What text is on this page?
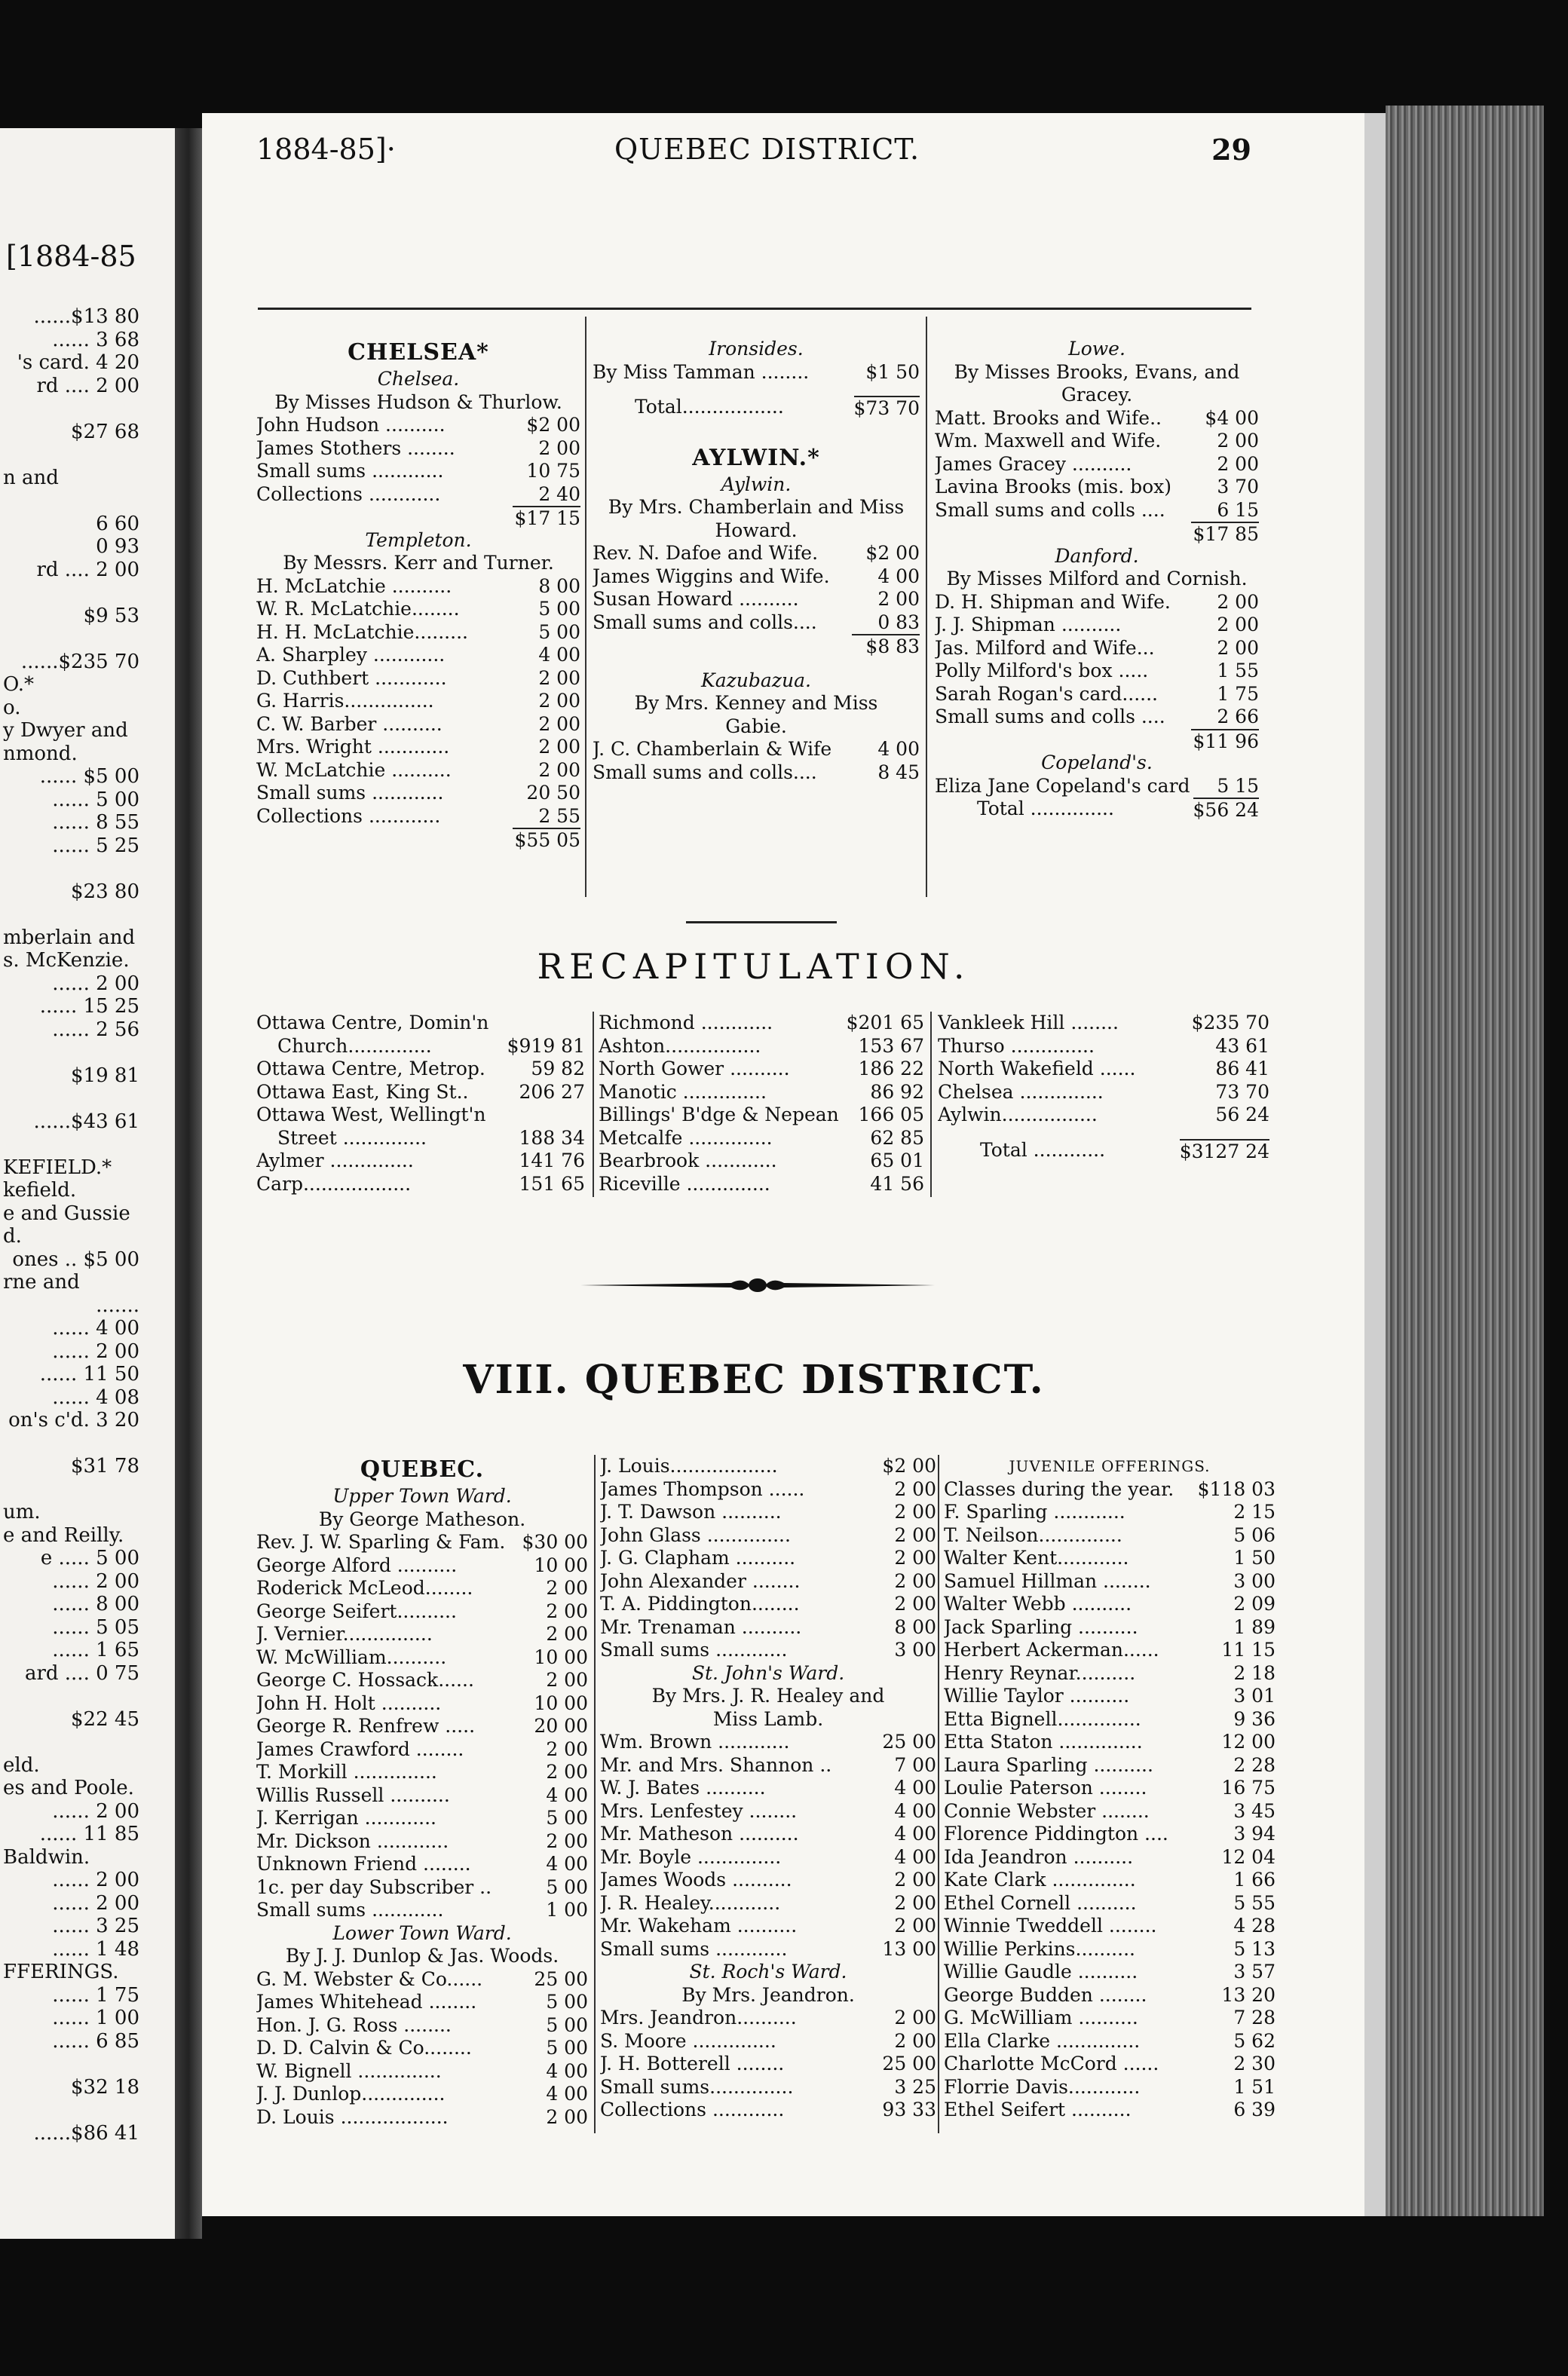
[1884-85
......$13 80
...... 3 68
's card. 4 20
rd .... 2 00
$27 68
n and
6 60
0 93
rd .... 2 00
$9 53
......$235 70
O.*
o.
y Dwyer and
nmond.
...... $5 00
...... 5 00
...... 8 55
...... 5 25
$23 80
mberlain and
s. McKenzie.
...... 2 00
...... 15 25
...... 2 56
$19 81
......$43 61
KEFIELD.*
kefield.
e and Gussie
d.
ones .. $5 00
rne and
.......
...... 4 00
...... 2 00
...... 11 50
...... 4 08
on's c'd. 3 20
$31 78
um.
e and Reilly.
e ..... 5 00
...... 2 00
...... 8 00
...... 5 05
...... 1 65
ard .... 0 75
$22 45
eld.
es and Poole.
...... 2 00
...... 11 85
Baldwin.
...... 2 00
...... 2 00
...... 3 25
...... 1 48
FFERINGS.
...... 1 75
...... 1 00
...... 6 85
$32 18
......$86 41
1884-85]·	QUEBEC DISTRICT.	29
CHELSEA*
Chelsea.
By Misses Hudson & Thurlow.
John Hudson ..........	$2 00
James Stothers ........	2 00
Small sums ............	10 75
Collections ............	2 40
$17 15
Templeton.
By Messrs. Kerr and Turner.
H. McLatchie ..........	8 00
W. R. McLatchie........	5 00
H. H. McLatchie.........	5 00
A. Sharpley ............	4 00
D. Cuthbert ............	2 00
G. Harris...............	2 00
C. W. Barber ..........	2 00
Mrs. Wright ............	2 00
W. McLatchie ..........	2 00
Small sums ............	20 50
Collections ............	2 55
$55 05
Ironsides.
By Miss Tamman ........	$1 50
Total.................	$73 70
AYLWIN.*
Aylwin.
By Mrs. Chamberlain and Miss
Howard.
Rev. N. Dafoe and Wife.	$2 00
James Wiggins and Wife.	4 00
Susan Howard ..........	2 00
Small sums and colls....	0 83
$8 83
Kazubazua.
By Mrs. Kenney and Miss
Gabie.
J. C. Chamberlain & Wife	4 00
Small sums and colls....	8 45
Lowe.
By Misses Brooks, Evans, and
Gracey.
Matt. Brooks and Wife..	$4 00
Wm. Maxwell and Wife.	2 00
James Gracey ..........	2 00
Lavina Brooks (mis. box)	3 70
Small sums and colls ....	6 15
$17 85
Danford.
By Misses Milford and Cornish.
D. H. Shipman and Wife.	2 00
J. J. Shipman ..........	2 00
Jas. Milford and Wife...	2 00
Polly Milford's box .....	1 55
Sarah Rogan's card......	1 75
Small sums and colls ....	2 66
$11 96
Copeland's.
Eliza Jane Copeland's card	5 15
Total ..............	$56 24
RECAPITULATION.
Ottawa Centre, Domin'n
Church..............	$919 81
Ottawa Centre, Metrop.	59 82
Ottawa East, King St..	206 27
Ottawa West, Wellingt'n
Street ..............	188 34
Aylmer ..............	141 76
Carp..................	151 65
Richmond ............	$201 65
Ashton................	153 67
North Gower ..........	186 22
Manotic ..............	86 92
Billings' B'dge & Nepean	166 05
Metcalfe ..............	62 85
Bearbrook ............	65 01
Riceville ..............	41 56
Vankleek Hill ........	$235 70
Thurso ..............	43 61
North Wakefield ......	86 41
Chelsea ..............	73 70
Aylwin................	56 24
Total ............	$3127 24
VIII. QUEBEC DISTRICT.
QUEBEC.
Upper Town Ward.
By George Matheson.
Rev. J. W. Sparling & Fam. $30 00
George Alford ..........	10 00
Roderick McLeod........	2 00
George Seifert..........	2 00
J. Vernier...............	2 00
W. McWilliam..........	10 00
George C. Hossack......	2 00
John H. Holt ..........	10 00
George R. Renfrew .....	20 00
James Crawford ........	2 00
T. Morkill ..............	2 00
Willis Russell ..........	4 00
J. Kerrigan ............	5 00
Mr. Dickson ............	2 00
Unknown Friend ........	4 00
1c. per day Subscriber ..	5 00
Small sums ............	1 00
Lower Town Ward.
By J. J. Dunlop & Jas. Woods.
G. M. Webster & Co......	25 00
James Whitehead ........	5 00
Hon. J. G. Ross ........	5 00
D. D. Calvin & Co........	5 00
W. Bignell ..............	4 00
J. J. Dunlop..............	4 00
D. Louis ..................	2 00
J. Louis..................	$2 00
James Thompson ......	2 00
J. T. Dawson ..........	2 00
John Glass ..............	2 00
J. G. Clapham ..........	2 00
John Alexander ........	2 00
T. A. Piddington........	2 00
Mr. Trenaman ..........	8 00
Small sums ............	3 00
St. John's Ward.
By Mrs. J. R. Healey and
Miss Lamb.
Wm. Brown ............	25 00
Mr. and Mrs. Shannon ..	7 00
W. J. Bates ..........	4 00
Mrs. Lenfestey ........	4 00
Mr. Matheson ..........	4 00
Mr. Boyle ..............	4 00
James Woods ..........	2 00
J. R. Healey............	2 00
Mr. Wakeham ..........	2 00
Small sums ............	13 00
St. Roch's Ward.
By Mrs. Jeandron.
Mrs. Jeandron..........	2 00
S. Moore ..............	2 00
J. H. Botterell ........	25 00
Small sums..............	3 25
Collections ............	93 33
JUVENILE OFFERINGS.
Classes during the year.	$118 03
F. Sparling ............	2 15
T. Neilson..............	5 06
Walter Kent............	1 50
Samuel Hillman ........	3 00
Walter Webb ..........	2 09
Jack Sparling ..........	1 89
Herbert Ackerman......	11 15
Henry Reynar..........	2 18
Willie Taylor ..........	3 01
Etta Bignell..............	9 36
Etta Staton ..............	12 00
Laura Sparling ..........	2 28
Loulie Paterson ........	16 75
Connie Webster ........	3 45
Florence Piddington ....	3 94
Ida Jeandron ..........	12 04
Kate Clark ..............	1 66
Ethel Cornell ..........	5 55
Winnie Tweddell ........	4 28
Willie Perkins..........	5 13
Willie Gaudle ..........	3 57
George Budden ........	13 20
G. McWilliam ..........	7 28
Ella Clarke ..............	5 62
Charlotte McCord ......	2 30
Florrie Davis............	1 51
Ethel Seifert ..........	6 39
